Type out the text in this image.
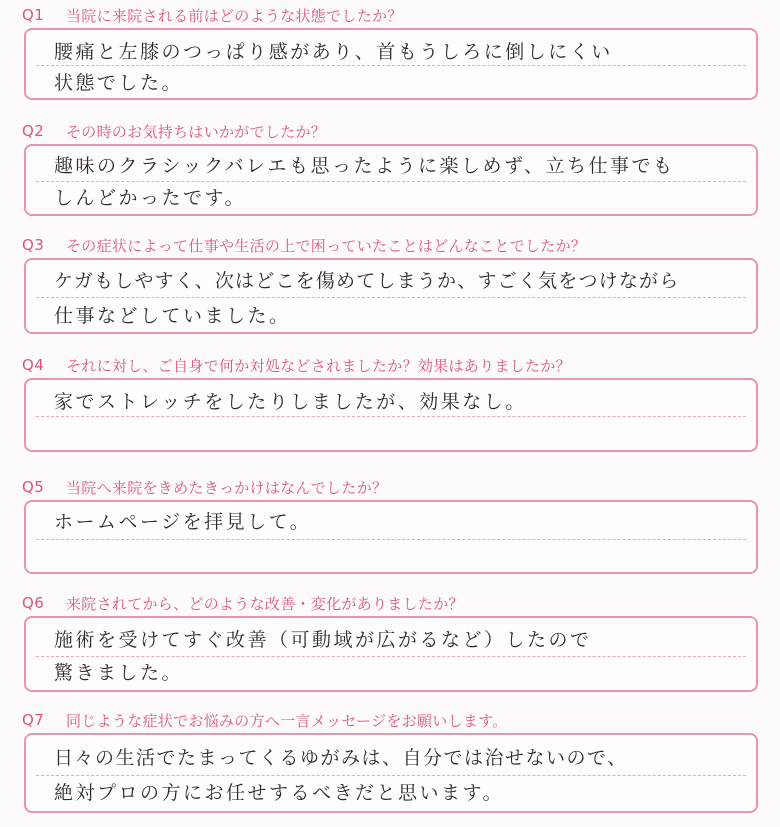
Q1	当院に来院される前はどのような状態でしたか？
腰痛と左膝のつっぱり感があり、首もうしろに倒しにくい
状態でした。
Q2	その時のお気持ちはいかがでしたか？
趣味のクラシックバレエも思ったように楽しめず、立ち仕事でも
しんどかったです。
Q3	その症状によって仕事や生活の上で困っていたことはどんなことでしたか？
ケガもしやすく、次はどこを傷めてしまうか、すごく気をつけながら
仕事などしていました。
Q4	それに対し、ご自身で何か対処などされましたか？効果はありましたか？
家でストレッチをしたりしましたが、効果なし。
Q5	当院へ来院をきめたきっかけはなんでしたか？
ホームページを拝見して。
Q6	来院されてから、どのような改善・変化がありましたか？
施術を受けてすぐ改善（可動域が広がるなど）したので
驚きました。
Q7	同じような症状でお悩みの方へ一言メッセージをお願いします。
日々の生活でたまってくるゆがみは、自分では治せないので、
絶対プロの方にお任せするべきだと思います。
